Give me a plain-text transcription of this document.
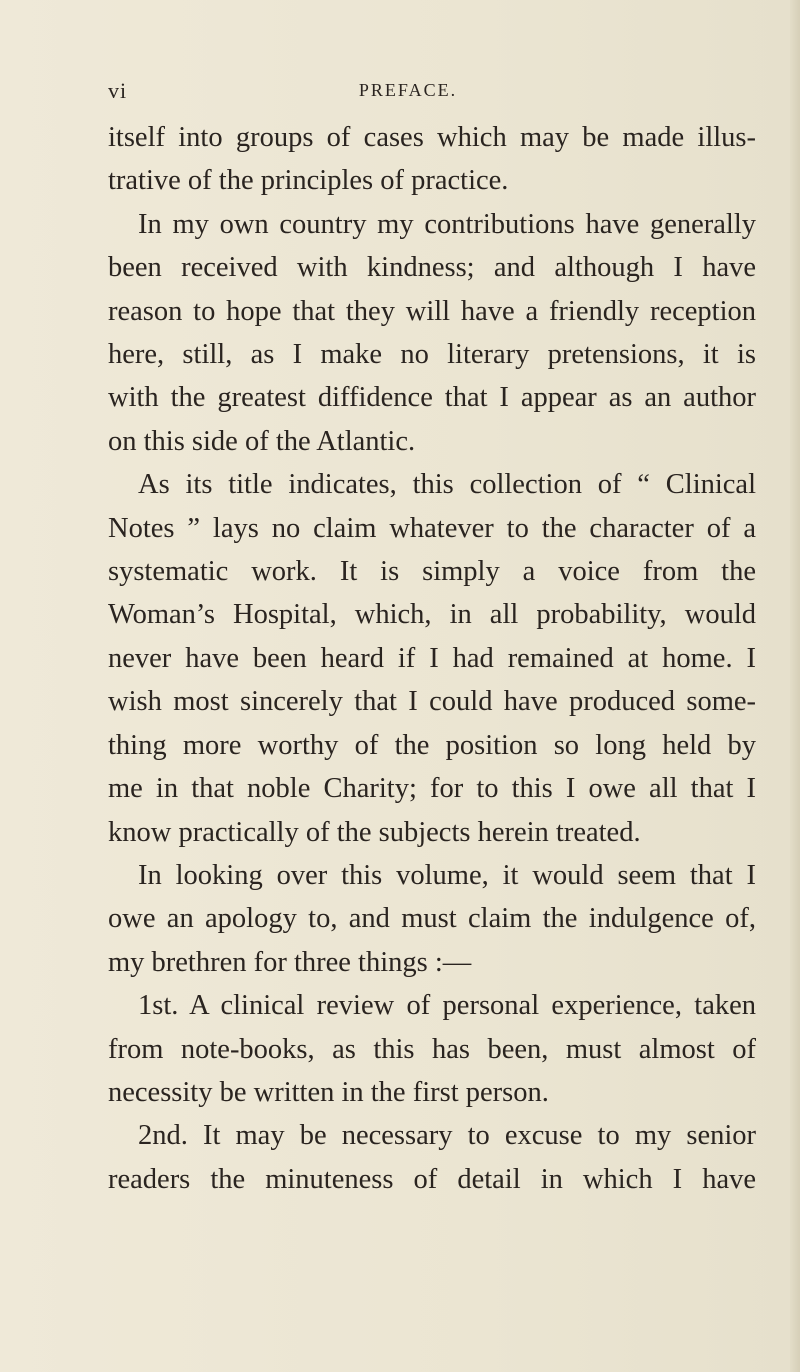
vi	PREFACE.

itself into groups of cases which may be made illus-

trative of the principles of practice.

In my own country my contributions have generally

been received with kindness; and although I have

reason to hope that they will have a friendly reception

here, still, as I make no literary pretensions, it is

with the greatest diffidence that I appear as an author

on this side of the Atlantic.

As its title indicates, this collection of “ Clinical

Notes ” lays no claim whatever to the character of a

systematic work. It is simply a voice from the

Woman’s Hospital, which, in all probability, would

never have been heard if I had remained at home. I

wish most sincerely that I could have produced some-

thing more worthy of the position so long held by

me in that noble Charity; for to this I owe all that I

know practically of the subjects herein treated.

In looking over this volume, it would seem that I

owe an apology to, and must claim the indulgence of,

my brethren for three things :—

1st. A clinical review of personal experience, taken

from note-books, as this has been, must almost of

necessity be written in the first person.

2nd. It may be necessary to excuse to my senior

readers the minuteness of detail in which I have
